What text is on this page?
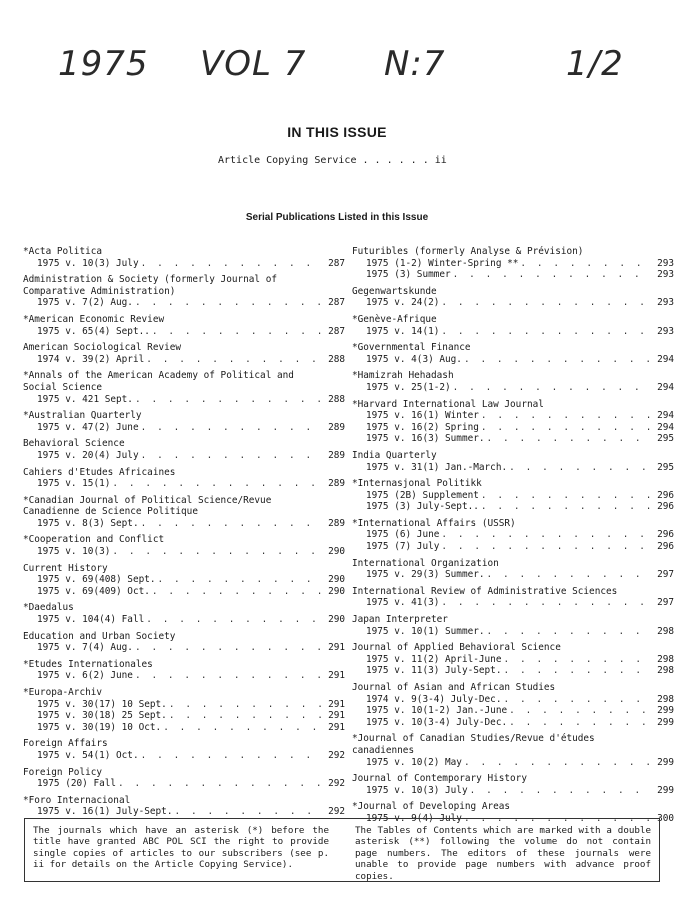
1975 VOL 7 N:7	1/2
IN THIS ISSUE
Article Copying Service . . . . . . ii
Serial Publications Listed in this Issue
*Acta Politica
1975 v. 10(3) July . . .	287
Administration & Society (formerly Journal of
Comparative Administration)
1975 v. 7(2) Aug. . . .	287
*American Economic Review
1975 v. 65(4) Sept.. . . .	287
American Sociological Review
1974 v. 39(2) April . . .	288
*Annals of the American Academy of Political and
Social Science
1975 v. 421 Sept. . . .	288
*Australian Quarterly
1975 v. 47(2) June . . .	289
Behavioral Science
1975 v. 20(4) July . . .	289
Cahiers d'Etudes Africaines
1975 v. 15(1) . . .	289
*Canadian Journal of Political Science/Revue
Canadienne de Science Politique
1975 v. 8(3) Sept. . . .	289
*Cooperation and Conflict
1975 v. 10(3) . . .	290
Current History
1975 v. 69(408) Sept. . . .	290
1975 v. 69(409) Oct. . . .	290
*Daedalus
1975 v. 104(4) Fall . . .	290
Education and Urban Society
1975 v. 7(4) Aug. . . .	291
*Etudes Internationales
1975 v. 6(2) June . . .	291
*Europa-Archiv
1975 v. 30(17) 10 Sept. . . .	291
1975 v. 30(18) 25 Sept. . . .	291
1975 v. 30(19) 10 Oct. . . .	291
Foreign Affairs
1975 v. 54(1) Oct. . . .	292
Foreign Policy
1975 (20) Fall . . .	292
*Foro Internacional
1975 v. 16(1) July-Sept. . . .	292
Futuribles (formerly Analyse & Prévision)
1975 (1-2) Winter-Spring ** . . .	293
1975 (3) Summer . . .	293
Gegenwartskunde
1975 v. 24(2) . . .	293
*Genève-Afrique
1975 v. 14(1) . . .	293
*Governmental Finance
1975 v. 4(3) Aug. . . .	294
*Hamizrah Hehadash
1975 v. 25(1-2) . . .	294
*Harvard International Law Journal
1975 v. 16(1) Winter . . .	294
1975 v. 16(2) Spring . . .	294
1975 v. 16(3) Summer. . . .	295
India Quarterly
1975 v. 31(1) Jan.-March. . . .	295
*Internasjonal Politikk
1975 (2B) Supplement . . .	296
1975 (3) July-Sept.. . . .	296
*International Affairs (USSR)
1975 (6) June . . .	296
1975 (7) July . . .	296
International Organization
1975 v. 29(3) Summer. . . .	297
International Review of Administrative Sciences
1975 v. 41(3) . . .	297
Japan Interpreter
1975 v. 10(1) Summer. . . .	298
Journal of Applied Behavioral Science
1975 v. 11(2) April-June . . .	298
1975 v. 11(3) July-Sept. . . .	298
Journal of Asian and African Studies
1974 v. 9(3-4) July-Dec. . . .	298
1975 v. 10(1-2) Jan.-June . . .	299
1975 v. 10(3-4) July-Dec. . . .	299
*Journal of Canadian Studies/Revue d'études
canadiennes
1975 v. 10(2) May . . .	299
Journal of Contemporary History
1975 v. 10(3) July . . .	299
*Journal of Developing Areas
1975 v. 9(4) July . . .	300
The journals which have an asterisk (*) before the title have granted ABC POL SCI the right to provide single copies of articles to our subscribers (see p. ii for details on the Article Copying Service).
The Tables of Contents which are marked with a double asterisk (**) following the volume do not contain page numbers. The editors of these journals were unable to provide page numbers with advance proof copies.
